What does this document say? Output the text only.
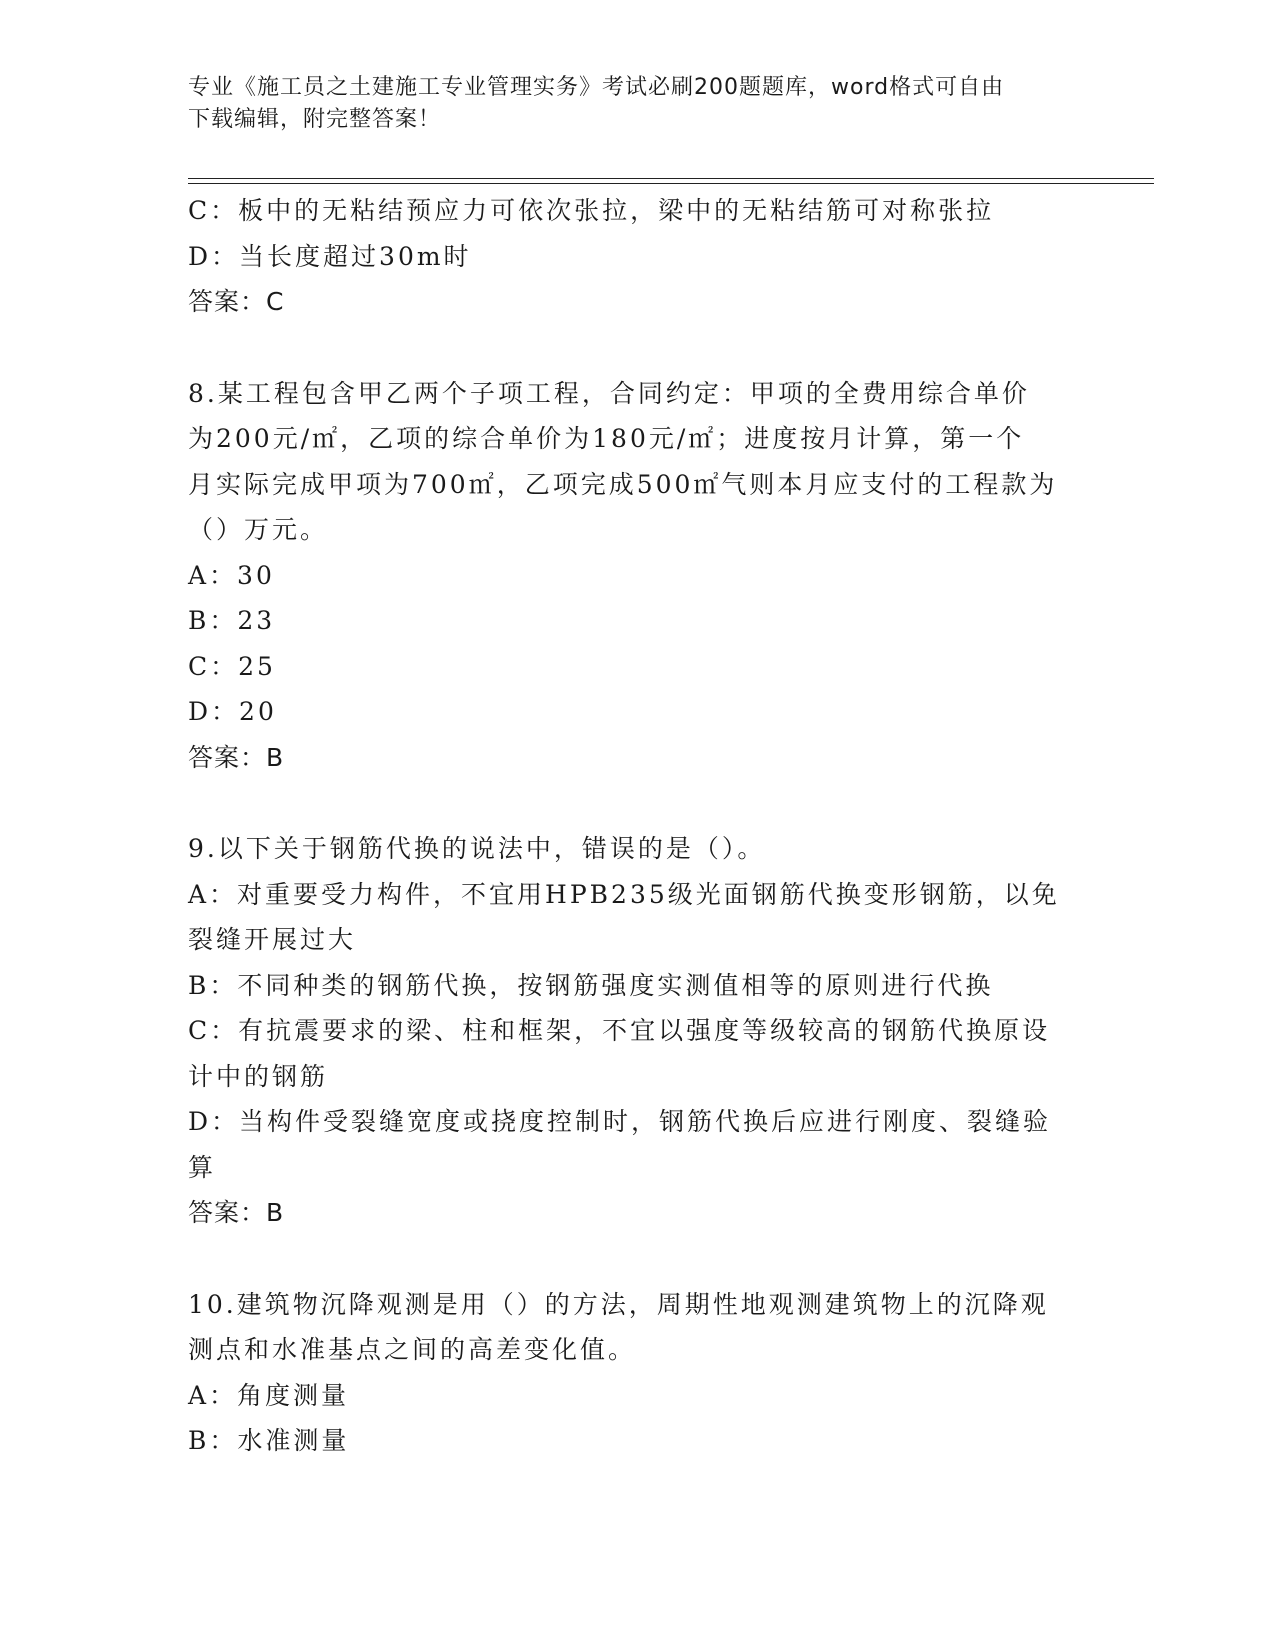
专业《施工员之土建施工专业管理实务》考试必刷200题题库，word格式可自由
下载编辑，附完整答案！
C：板中的无粘结预应力可依次张拉，梁中的无粘结筋可对称张拉
D：当长度超过30m时
答案：C
8.某工程包含甲乙两个子项工程，合同约定：甲项的全费用综合单价
为200元/㎡，乙项的综合单价为180元/㎡；进度按月计算，第一个
月实际完成甲项为700㎡，乙项完成500㎡气则本月应支付的工程款为
（）万元。
A：30
B：23
C：25
D：20
答案：B
9.以下关于钢筋代换的说法中，错误的是（）。
A：对重要受力构件，不宜用HPB235级光面钢筋代换变形钢筋，以免
裂缝开展过大
B：不同种类的钢筋代换，按钢筋强度实测值相等的原则进行代换
C：有抗震要求的梁、柱和框架，不宜以强度等级较高的钢筋代换原设
计中的钢筋
D：当构件受裂缝宽度或挠度控制时，钢筋代换后应进行刚度、裂缝验
算
答案：B
10.建筑物沉降观测是用（）的方法，周期性地观测建筑物上的沉降观
测点和水准基点之间的高差变化值。
A：角度测量
B：水准测量
